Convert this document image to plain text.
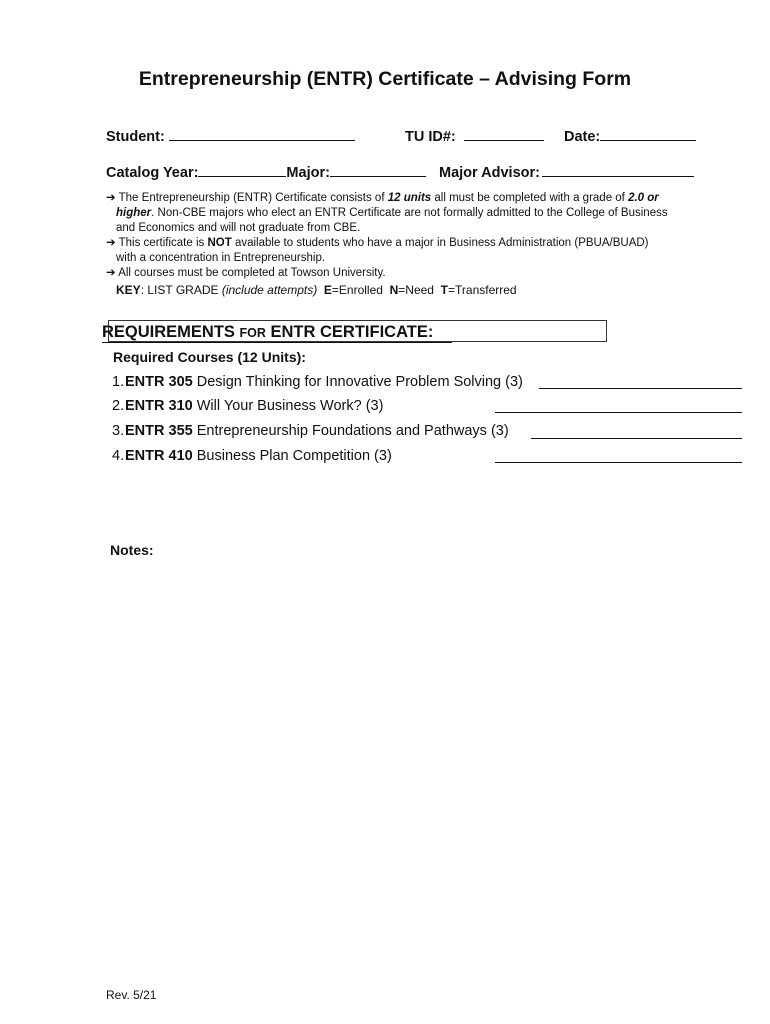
Entrepreneurship (ENTR) Certificate – Advising Form
Student:	TU ID#:	Date:
Catalog Year:	Major:	Major Advisor:
➔ The Entrepreneurship (ENTR) Certificate consists of 12 units all must be completed with a grade of 2.0 or
higher. Non-CBE majors who elect an ENTR Certificate are not formally admitted to the College of Business
and Economics and will not graduate from CBE.
➔ This certificate is NOT available to students who have a major in Business Administration (PBUA/BUAD)
with a concentration in Entrepreneurship.
➔ All courses must be completed at Towson University.
KEY: LIST GRADE (include attempts) E=Enrolled N=Need T=Transferred
REQUIREMENTS FOR ENTR CERTIFICATE:
Required Courses (12 Units):
1.ENTR 305 Design Thinking for Innovative Problem Solving (3)
2.ENTR 310 Will Your Business Work? (3)
3.ENTR 355 Entrepreneurship Foundations and Pathways (3)
4.ENTR 410 Business Plan Competition (3)
Notes:
Rev. 5/21
